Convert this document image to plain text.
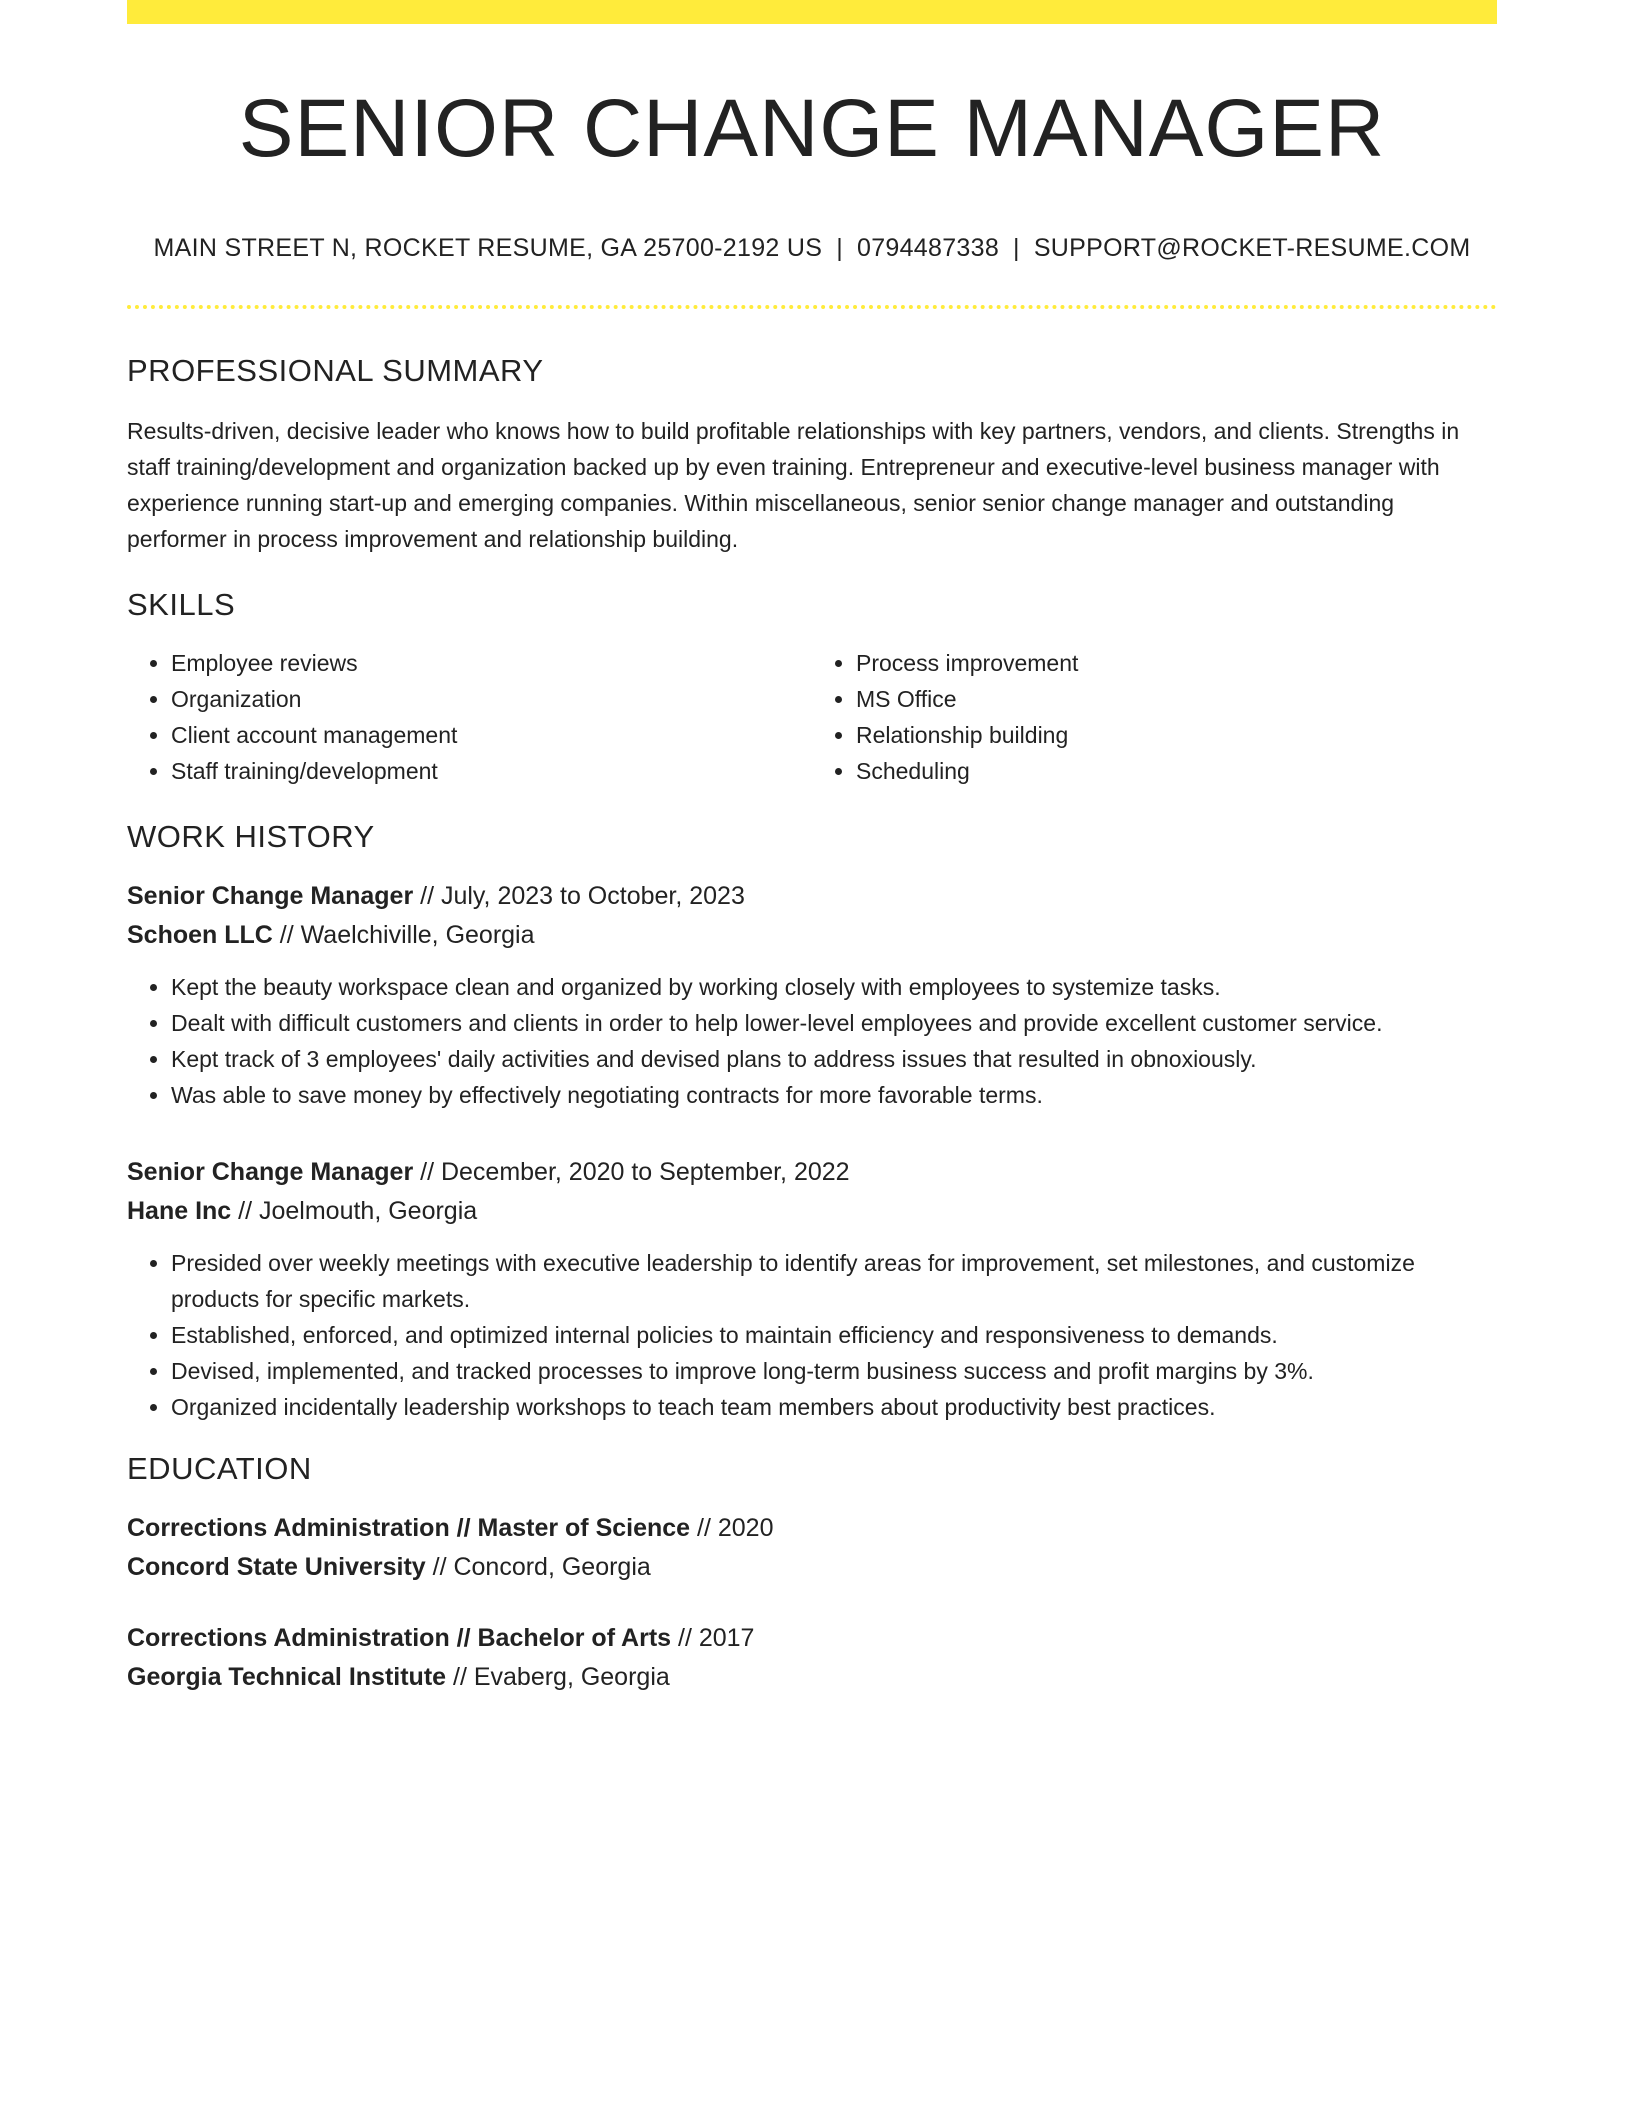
SENIOR CHANGE MANAGER
MAIN STREET N, ROCKET RESUME, GA 25700-2192 US | 0794487338 | SUPPORT@ROCKET-RESUME.COM
PROFESSIONAL SUMMARY

Results-driven, decisive leader who knows how to build profitable relationships with key partners, vendors, and clients. Strengths in staff training/development and organization backed up by even training. Entrepreneur and executive-level business manager with experience running start-up and emerging companies. Within miscellaneous, senior senior change manager and outstanding performer in process improvement and relationship building.

SKILLS
• Employee reviews
• Organization
• Client account management
• Staff training/development
• Process improvement
• MS Office
• Relationship building
• Scheduling
WORK HISTORY
Senior Change Manager // July, 2023 to October, 2023
Schoen LLC // Waelchiville, Georgia
• Kept the beauty workspace clean and organized by working closely with employees to systemize tasks.
• Dealt with difficult customers and clients in order to help lower-level employees and provide excellent customer service.
• Kept track of 3 employees' daily activities and devised plans to address issues that resulted in obnoxiously.
• Was able to save money by effectively negotiating contracts for more favorable terms.
Senior Change Manager // December, 2020 to September, 2022
Hane Inc // Joelmouth, Georgia
• Presided over weekly meetings with executive leadership to identify areas for improvement, set milestones, and customize products for specific markets.
• Established, enforced, and optimized internal policies to maintain efficiency and responsiveness to demands.
• Devised, implemented, and tracked processes to improve long-term business success and profit margins by 3%.
• Organized incidentally leadership workshops to teach team members about productivity best practices.
EDUCATION
Corrections Administration // Master of Science // 2020
Concord State University // Concord, Georgia
Corrections Administration // Bachelor of Arts // 2017
Georgia Technical Institute // Evaberg, Georgia
